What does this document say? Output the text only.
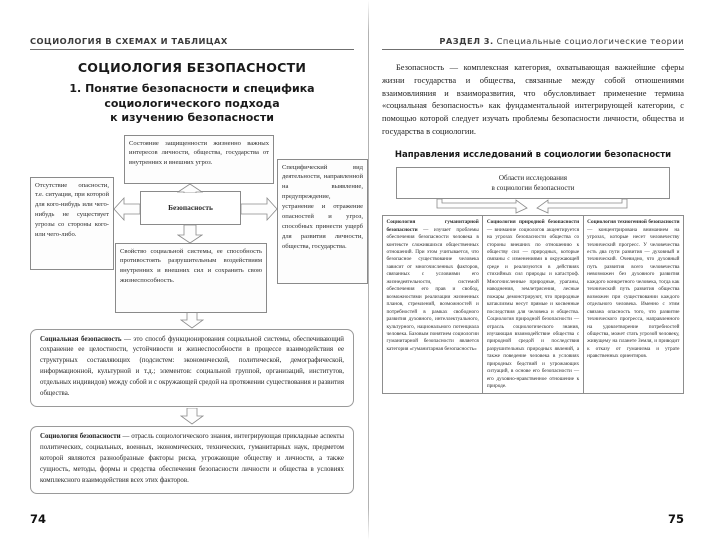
СОЦИОЛОГИЯ В СХЕМАХ И ТАБЛИЦАХ
СОЦИОЛОГИЯ БЕЗОПАСНОСТИ
1. Понятие безопасности и специфика
социологического подхода
к изучению безопасности
Состояние защищенности жизненно важных интересов личности, общества, государства от внутренних и внешних угроз.
Специфический вид деятельности, направленной на выявление, предупреждение, устранение и отражение опасностей и угроз, способных принести ущерб для развития личности, общества, государства.
Отсутствие опасности, т.е. ситуация, при которой для кого-нибудь или чего-нибудь не существует угрозы со стороны кого- или чего-либо.
Свойство социальной системы, ее способность противостоять разрушительным воздействиям внутренних и внешних сил и сохранить свою жизнеспособность.
Безопасность
Социальная безопасность — это способ функционирования социальной системы, обеспечивающий сохранение ее целостности, устойчивости и жизнеспособности в процессе взаимодействия ее структурных составляющих (подсистем: экономической, политической, демографической, информационной, культурной и т.д.; элементов: социальной группой, организаций, институтов, отдельных индивидов) между собой и с окружающей средой на протяжении существования и развития общества.
Социология безопасности — отрасль социологического знания, интегрирующая прикладные аспекты политических, социальных, военных, экономических, технических, гуманитарных наук, предметом которой являются разнообразные факторы риска, угрожающие обществу и личности, а также сущность, методы, формы и средства обеспечения безопасности личности и общества в условиях комплексного взаимодействия всех этих факторов.
74
РАЗДЕЛ 3. Специальные социологические теории

Безопасность — комплексная категория, охватывающая важнейшие сферы жизни государства и общества, связанные между собой отношениями взаимовлияния и взаиморазвития, что обусловливает применение термина «социальная безопасность» как фундаментальной интегрирующей категории, с помощью которой следует изучать проблемы безопасности личности, общества и государства в социологии.

Направления исследований в социологии безопасности
Области исследования
в социологии безопасности
Социология гуманитарной безопасности — изучает проблемы обеспечения безопасности человека в контексте сложившихся общественных отношений. При этом учитывается, что безопасное существование человека зависит от многочисленных факторов, связанных с условиями его жизнедеятельности, системой обеспечения его прав и свобод, возможностями реализации жизненных планов, стремлений, возможностей и потребностей в рамках свободного развития духовного, интеллектуального, культурного, национального потенциала человека. Базовым понятием социологии гуманитарной безопасности является категория «гуманитарная безопасность»
Социология природной безопасности — внимание социологов акцентируется на угрозах безопасности общества со стороны внешних по отношению к обществу сил — природных, которые связаны с изменениями в окружающей среде и реализуются в действиях стихийных сил природы и катастроф. Многочисленные природные, ураганы, наводнения, землетрясения, лесные пожары демонстрируют, что природные катаклизмы несут прямые и косвенные последствия для человека и общества. Социология природной безопасности — отрасль социологического знания, изучающая взаимодействие общества с природной средой и последствия разрушительных природных явлений, а также поведение человека в условиях природных бедствий и угрожающих ситуаций, в основе его безопасности — его духовно-нравственное отношение к природе.
Социология техногенной безопасности — концентрирована вниманием на угрозах, которые несет человечеству технический прогресс. У человечества есть два пути развития — духовный и технический. Очевидно, что духовный путь развития всего человечества невозможен без духовного развития каждого конкретного человека, тогда как технический путь развития общества возможен при существовании каждого отдельного человека. Именно с этим связана опасность того, что развитие технического прогресса, направленного на удовлетворение потребностей общества, может стать угрозой человеку, живущему на планете Земля, и приводит к отказу от гуманизма и утрате нравственных ориентиров.
75
